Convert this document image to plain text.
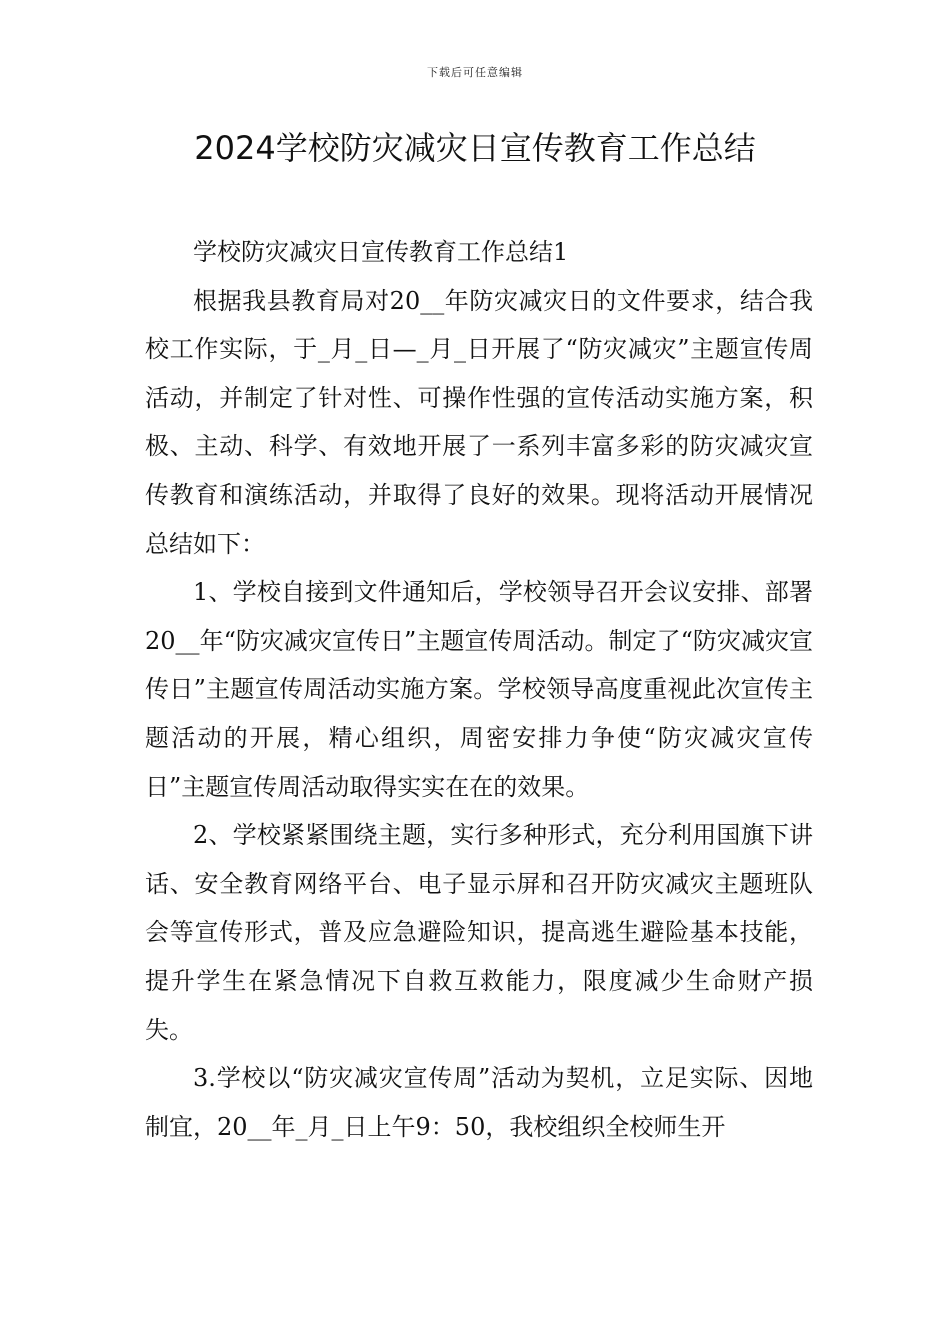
下载后可任意编辑
2024学校防灾减灾日宣传教育工作总结

学校防灾减灾日宣传教育工作总结1

根据我县教育局对20__年防灾减灾日的文件要求，结合我校工作实际，于_月_日—_月_日开展了“防灾减灾”主题宣传周活动，并制定了针对性、可操作性强的宣传活动实施方案，积极、主动、科学、有效地开展了一系列丰富多彩的防灾减灾宣传教育和演练活动，并取得了良好的效果。现将活动开展情况总结如下：

1、学校自接到文件通知后，学校领导召开会议安排、部署20__年“防灾减灾宣传日”主题宣传周活动。制定了“防灾减灾宣传日”主题宣传周活动实施方案。学校领导高度重视此次宣传主题活动的开展，精心组织，周密安排力争使“防灾减灾宣传日”主题宣传周活动取得实实在在的效果。

2、学校紧紧围绕主题，实行多种形式，充分利用国旗下讲话、安全教育网络平台、电子显示屏和召开防灾减灾主题班队会等宣传形式，普及应急避险知识，提高逃生避险基本技能，提升学生在紧急情况下自救互救能力，限度减少生命财产损失。

3.学校以“防灾减灾宣传周”活动为契机，立足实际、因地制宜，20__年_月_日上午9：50，我校组织全校师生开
